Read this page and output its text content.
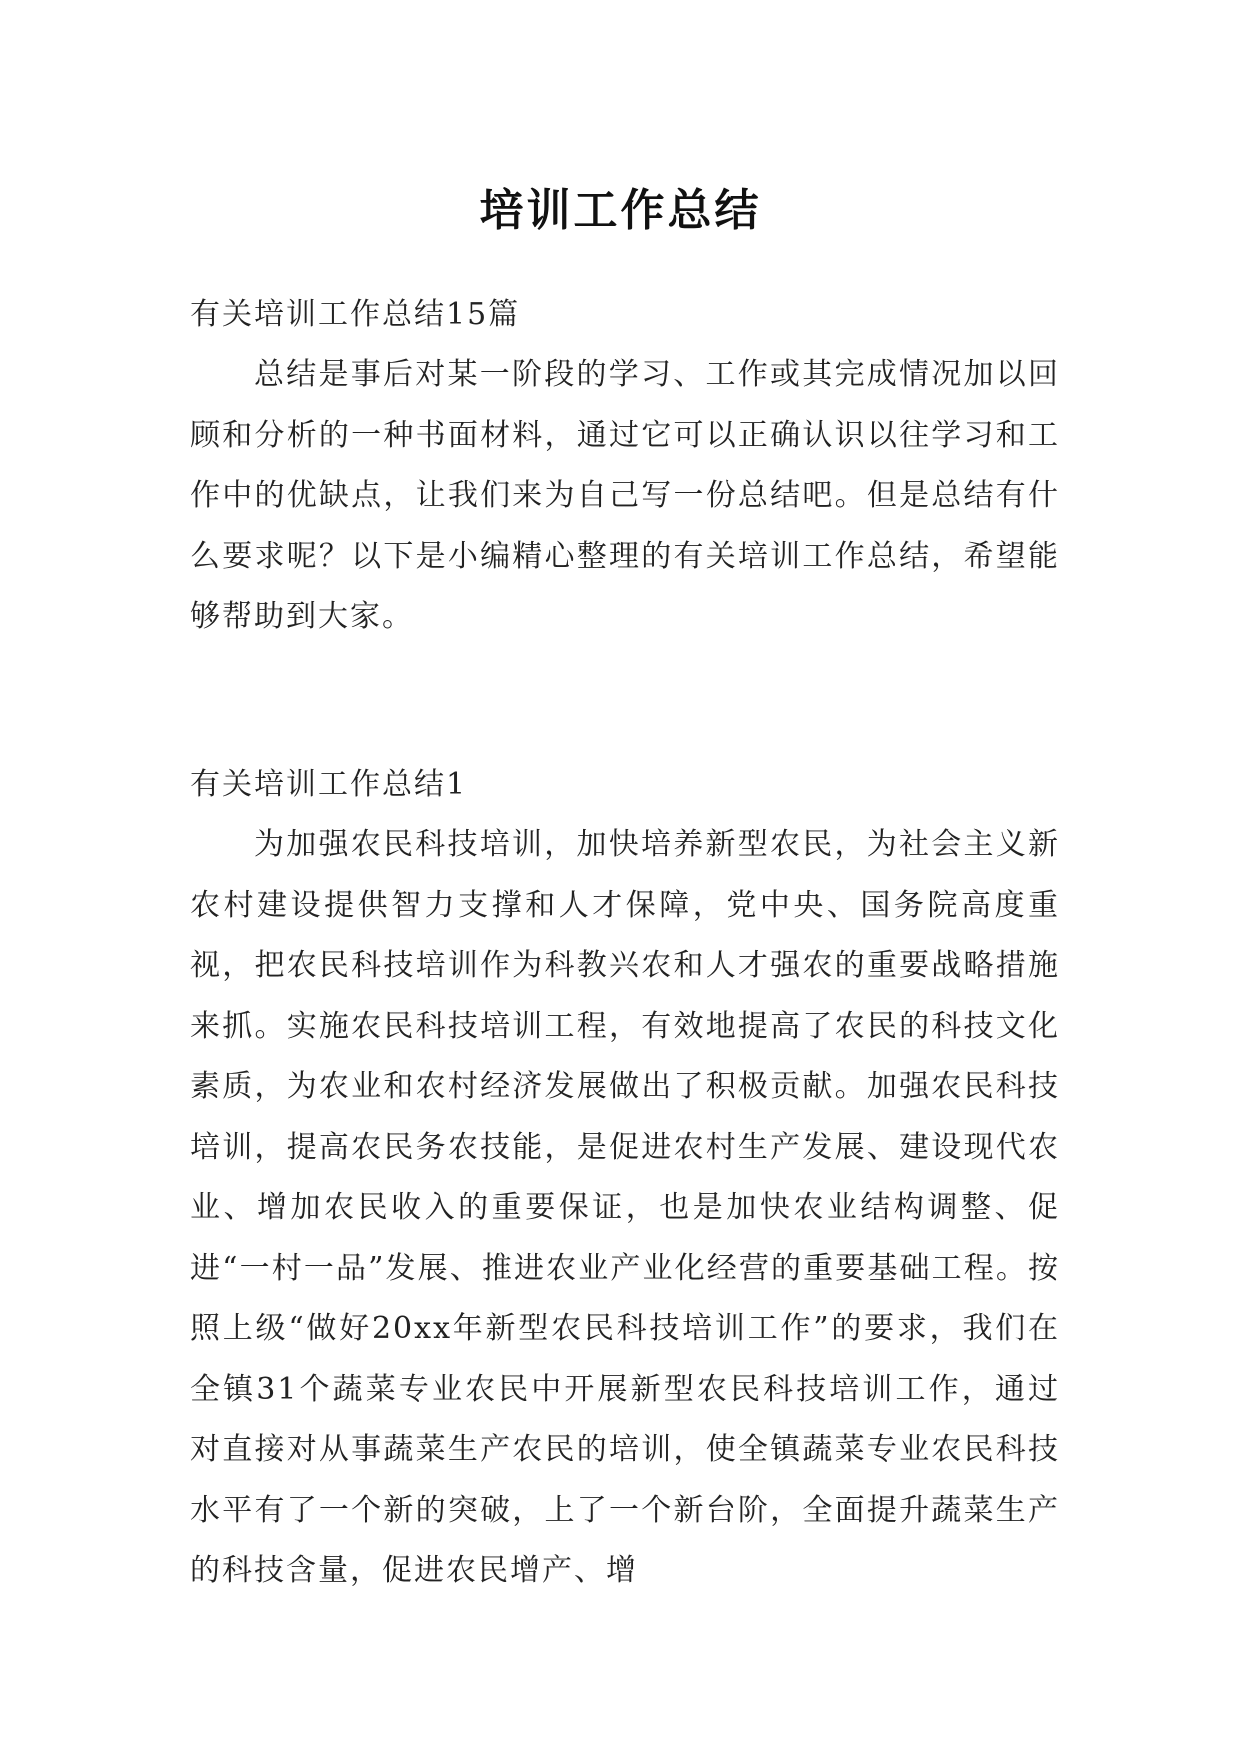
培训工作总结

有关培训工作总结15篇

总结是事后对某一阶段的学习、工作或其完成情况加以回顾和分析的一种书面材料，通过它可以正确认识以往学习和工作中的优缺点，让我们来为自己写一份总结吧。但是总结有什么要求呢？以下是小编精心整理的有关培训工作总结，希望能够帮助到大家。

有关培训工作总结1

为加强农民科技培训，加快培养新型农民，为社会主义新农村建设提供智力支撑和人才保障，党中央、国务院高度重视，把农民科技培训作为科教兴农和人才强农的重要战略措施来抓。实施农民科技培训工程，有效地提高了农民的科技文化素质，为农业和农村经济发展做出了积极贡献。加强农民科技培训，提高农民务农技能，是促进农村生产发展、建设现代农业、增加农民收入的重要保证，也是加快农业结构调整、促进“一村一品”发展、推进农业产业化经营的重要基础工程。按照上级“做好20xx年新型农民科技培训工作”的要求，我们在全镇31个蔬菜专业农民中开展新型农民科技培训工作，通过对直接对从事蔬菜生产农民的培训，使全镇蔬菜专业农民科技水平有了一个新的突破，上了一个新台阶，全面提升蔬菜生产的科技含量，促进农民增产、增
